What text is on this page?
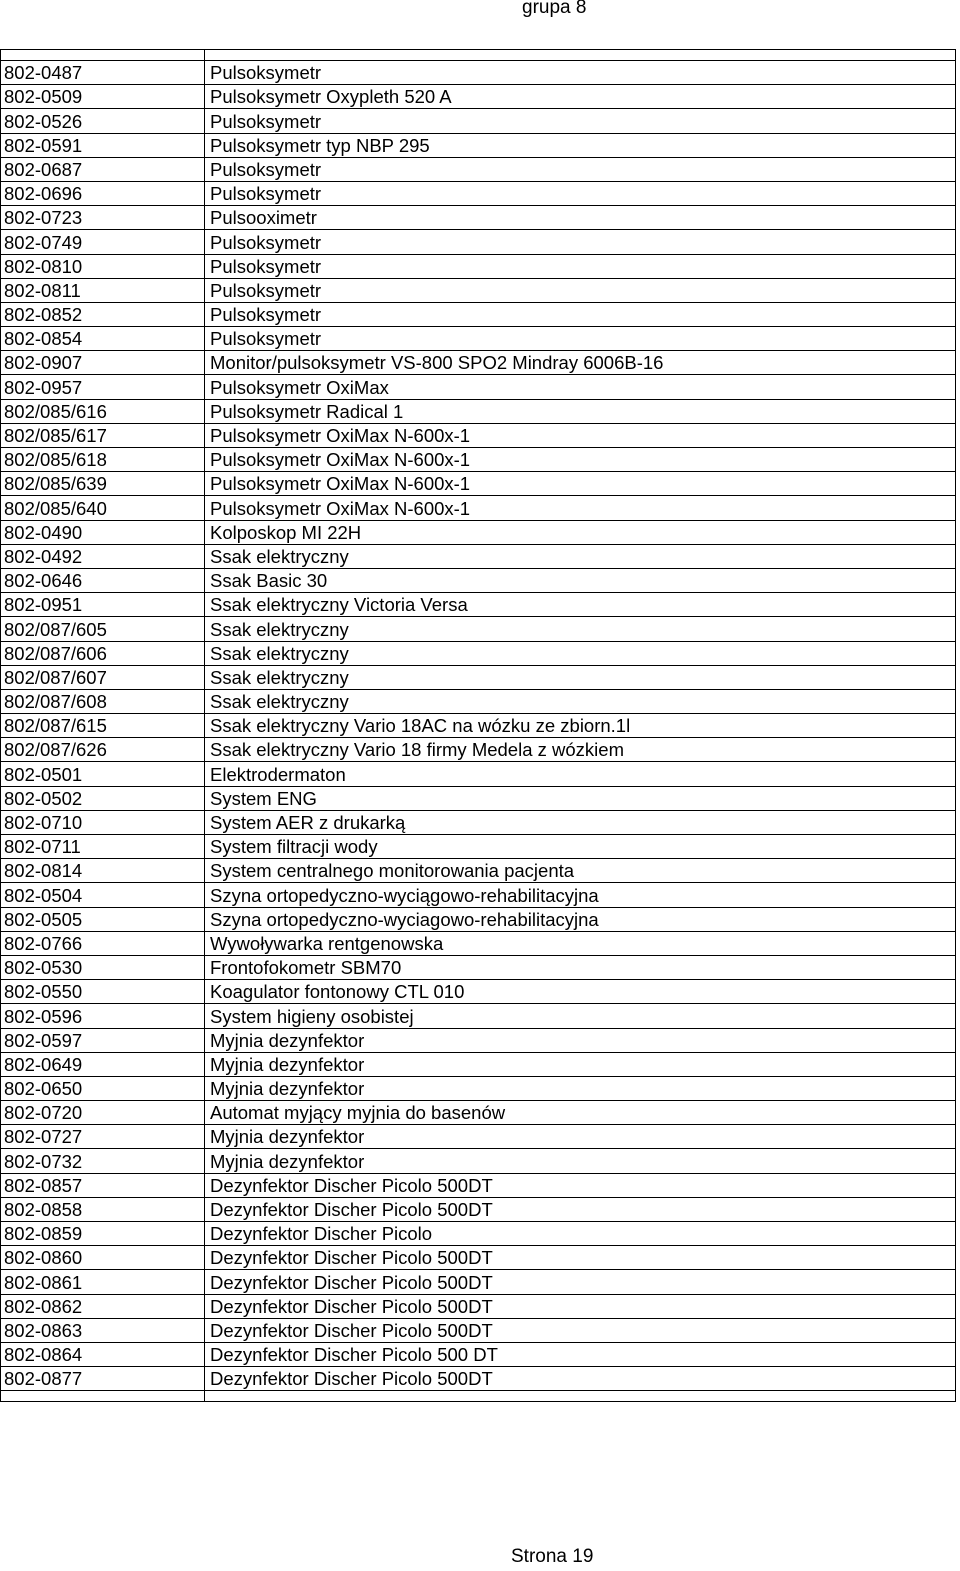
grupa 8

802-0487	Pulsoksymetr
802-0509	Pulsoksymetr Oxypleth 520 A
802-0526	Pulsoksymetr
802-0591	Pulsoksymetr typ NBP 295
802-0687	Pulsoksymetr
802-0696	Pulsoksymetr
802-0723	Pulsooximetr
802-0749	Pulsoksymetr
802-0810	Pulsoksymetr
802-0811	Pulsoksymetr
802-0852	Pulsoksymetr
802-0854	Pulsoksymetr
802-0907	Monitor/pulsoksymetr VS-800 SPO2 Mindray 6006B-16
802-0957	Pulsoksymetr OxiMax
802/085/616	Pulsoksymetr Radical 1
802/085/617	Pulsoksymetr OxiMax N-600x-1
802/085/618	Pulsoksymetr OxiMax N-600x-1
802/085/639	Pulsoksymetr OxiMax N-600x-1
802/085/640	Pulsoksymetr OxiMax N-600x-1
802-0490	Kolposkop MI 22H
802-0492	Ssak elektryczny
802-0646	Ssak Basic 30
802-0951	Ssak elektryczny Victoria Versa
802/087/605	Ssak elektryczny
802/087/606	Ssak elektryczny
802/087/607	Ssak elektryczny
802/087/608	Ssak elektryczny
802/087/615	Ssak elektryczny Vario 18AC na wózku ze zbiorn.1l
802/087/626	Ssak elektryczny Vario 18 firmy Medela z wózkiem
802-0501	Elektrodermaton
802-0502	System ENG
802-0710	System AER z drukarką
802-0711	System filtracji wody
802-0814	System centralnego monitorowania pacjenta
802-0504	Szyna ortopedyczno-wyciągowo-rehabilitacyjna
802-0505	Szyna ortopedyczno-wyciagowo-rehabilitacyjna
802-0766	Wywoływarka rentgenowska
802-0530	Frontofokometr SBM70
802-0550	Koagulator fontonowy CTL 010
802-0596	System higieny osobistej
802-0597	Myjnia dezynfektor
802-0649	Myjnia dezynfektor
802-0650	Myjnia dezynfektor
802-0720	Automat myjący myjnia do basenów
802-0727	Myjnia dezynfektor
802-0732	Myjnia dezynfektor
802-0857	Dezynfektor Discher Picolo 500DT
802-0858	Dezynfektor Discher Picolo 500DT
802-0859	Dezynfektor Discher Picolo
802-0860	Dezynfektor Discher Picolo 500DT
802-0861	Dezynfektor Discher Picolo 500DT
802-0862	Dezynfektor Discher Picolo 500DT
802-0863	Dezynfektor Discher Picolo 500DT
802-0864	Dezynfektor Discher Picolo 500 DT
802-0877	Dezynfektor Discher Picolo 500DT

Strona 19
